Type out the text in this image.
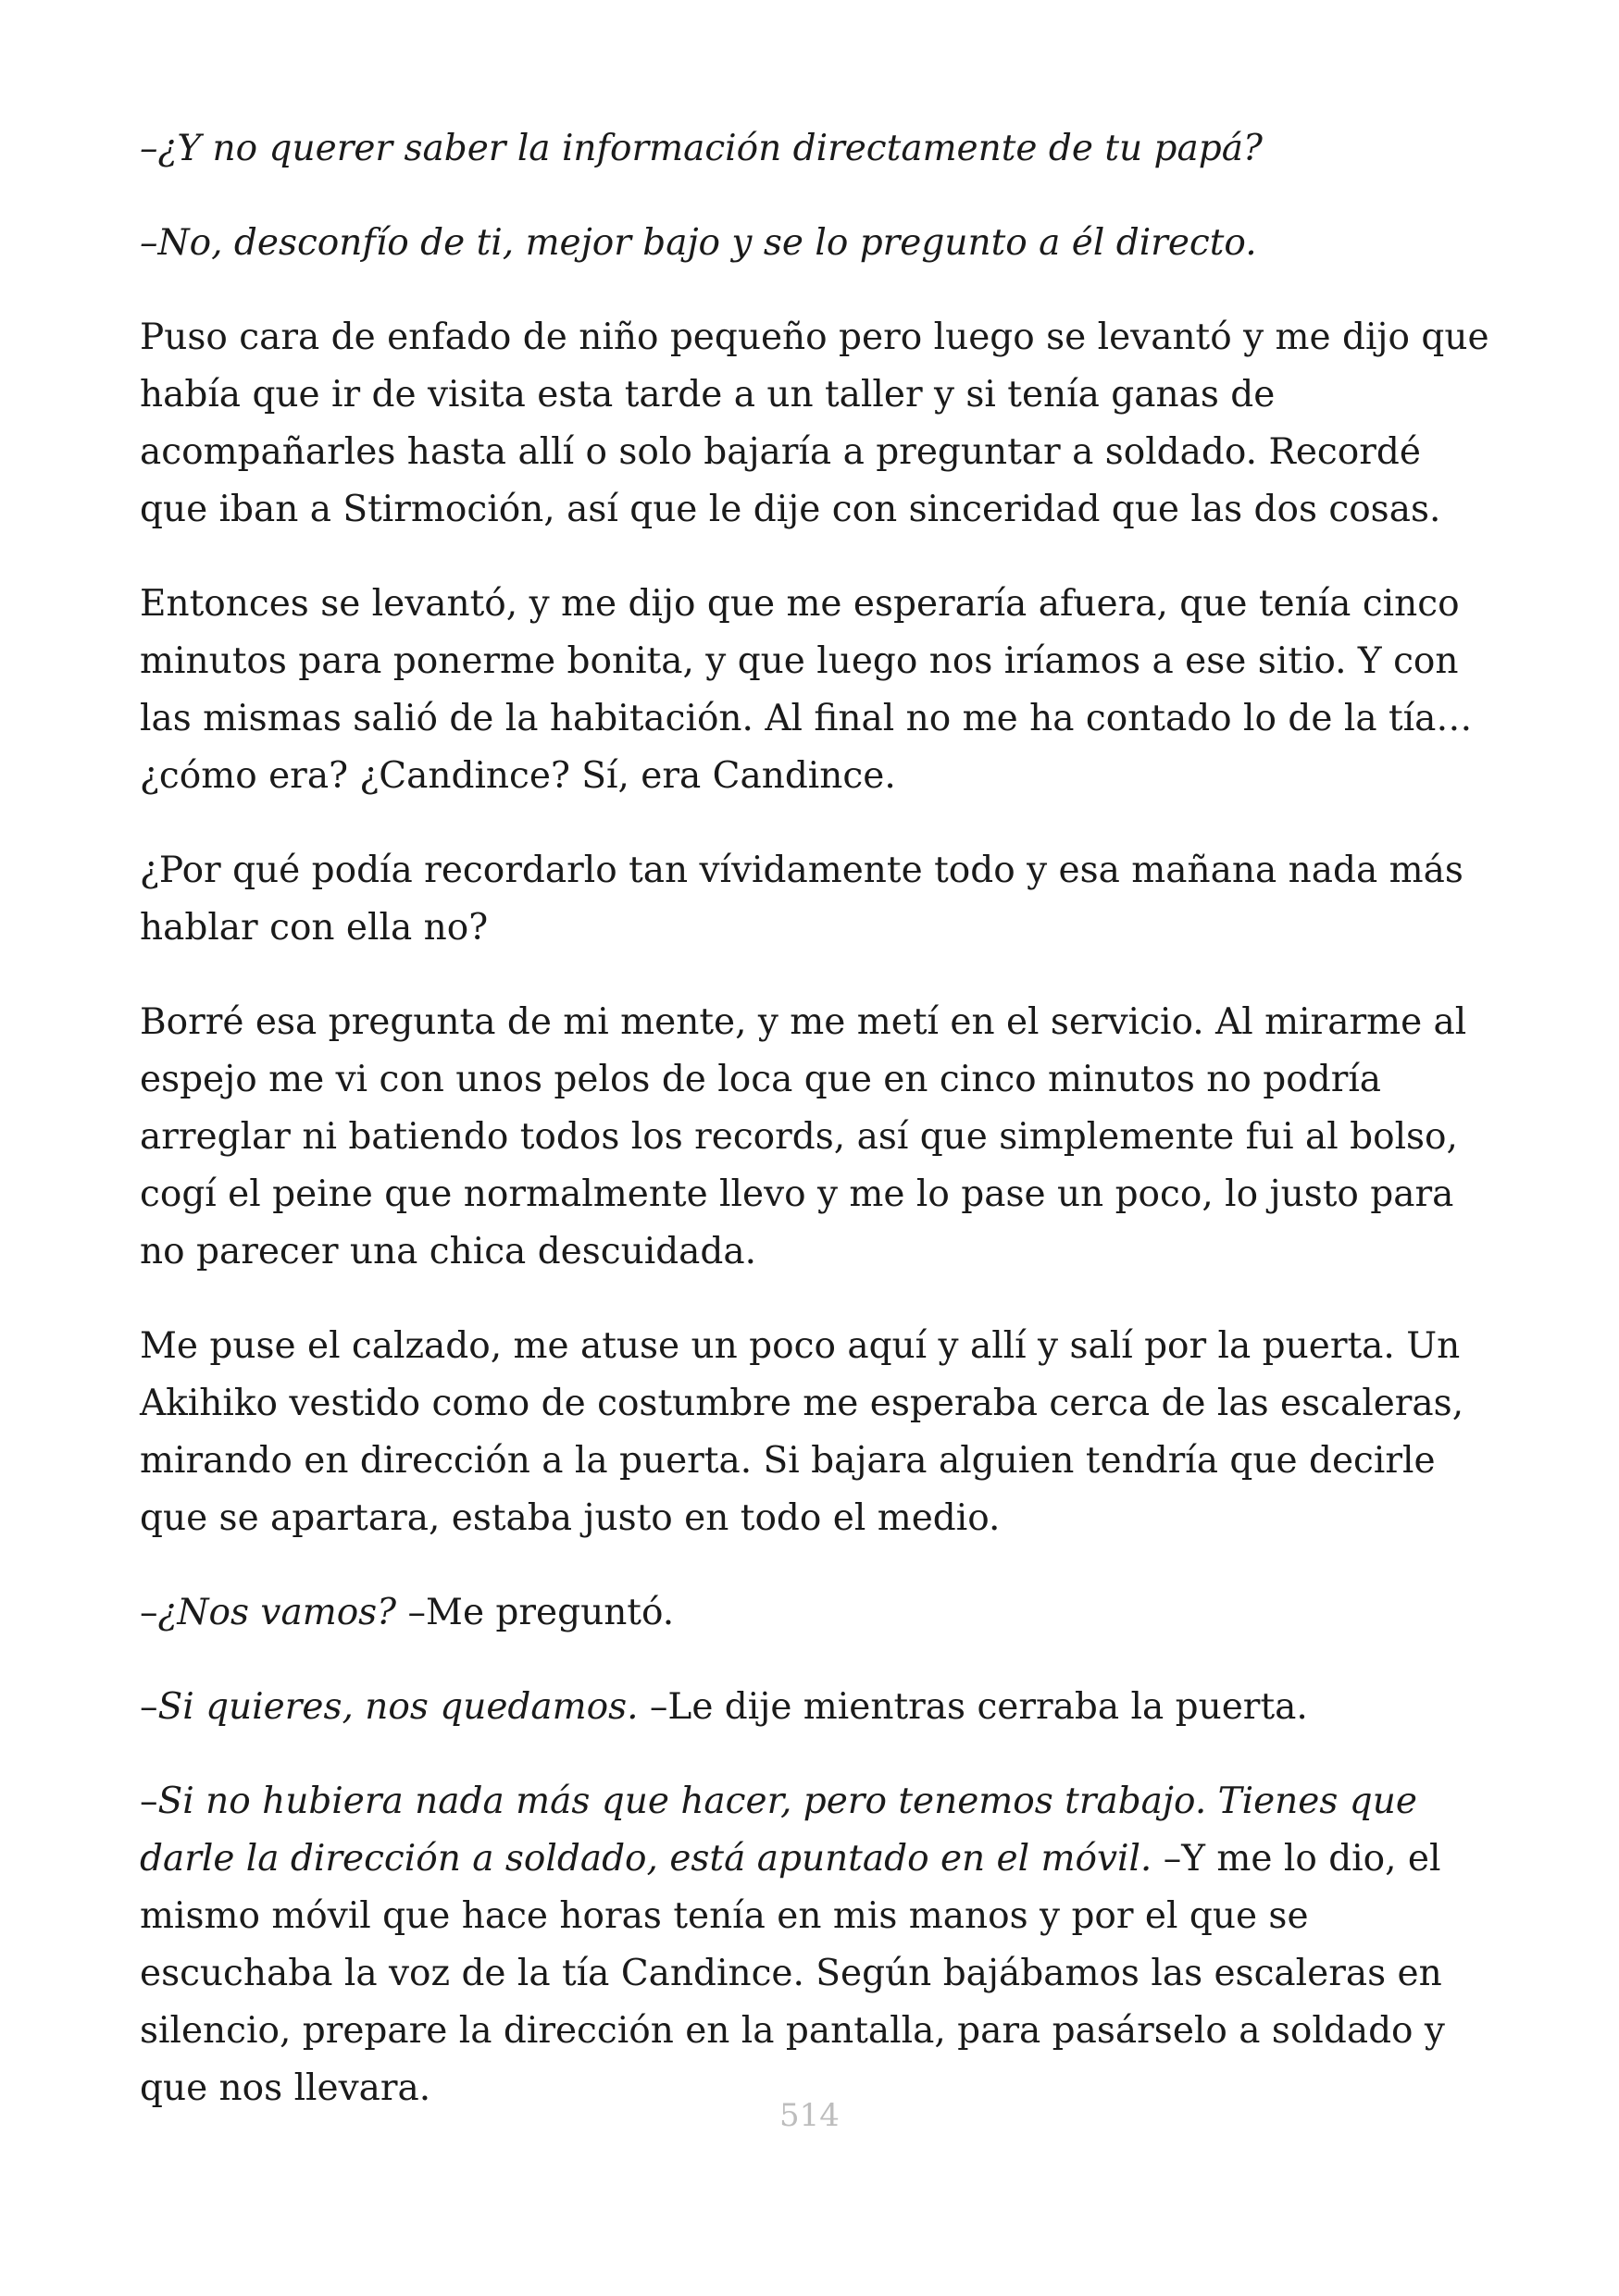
–¿Y no querer saber la información directamente de tu papá?

–No, desconfío de ti, mejor bajo y se lo pregunto a él directo.

Puso cara de enfado de niño pequeño pero luego se levantó y me dijo que había que ir de visita esta tarde a un taller y si tenía ganas de acompañarles hasta allí o solo bajaría a preguntar a soldado. Recordé que iban a Stirmoción, así que le dije con sinceridad que las dos cosas.

Entonces se levantó, y me dijo que me esperaría afuera, que tenía cinco minutos para ponerme bonita, y que luego nos iríamos a ese sitio. Y con las mismas salió de la habitación. Al final no me ha contado lo de la tía… ¿cómo era? ¿Candince? Sí, era Candince.

¿Por qué podía recordarlo tan vívidamente todo y esa mañana nada más hablar con ella no?

Borré esa pregunta de mi mente, y me metí en el servicio. Al mirarme al espejo me vi con unos pelos de loca que en cinco minutos no podría arreglar ni batiendo todos los records, así que simplemente fui al bolso, cogí el peine que normalmente llevo y me lo pase un poco, lo justo para no parecer una chica descuidada.

Me puse el calzado, me atuse un poco aquí y allí y salí por la puerta. Un Akihiko vestido como de costumbre me esperaba cerca de las escaleras, mirando en dirección a la puerta. Si bajara alguien tendría que decirle que se apartara, estaba justo en todo el medio.

–¿Nos vamos? –Me preguntó.

–Si quieres, nos quedamos. –Le dije mientras cerraba la puerta.

–Si no hubiera nada más que hacer, pero tenemos trabajo. Tienes que darle la dirección a soldado, está apuntado en el móvil. –Y me lo dio, el mismo móvil que hace horas tenía en mis manos y por el que se escuchaba la voz de la tía Candince. Según bajábamos las escaleras en silencio, prepare la dirección en la pantalla, para pasárselo a soldado y que nos llevara.

514
